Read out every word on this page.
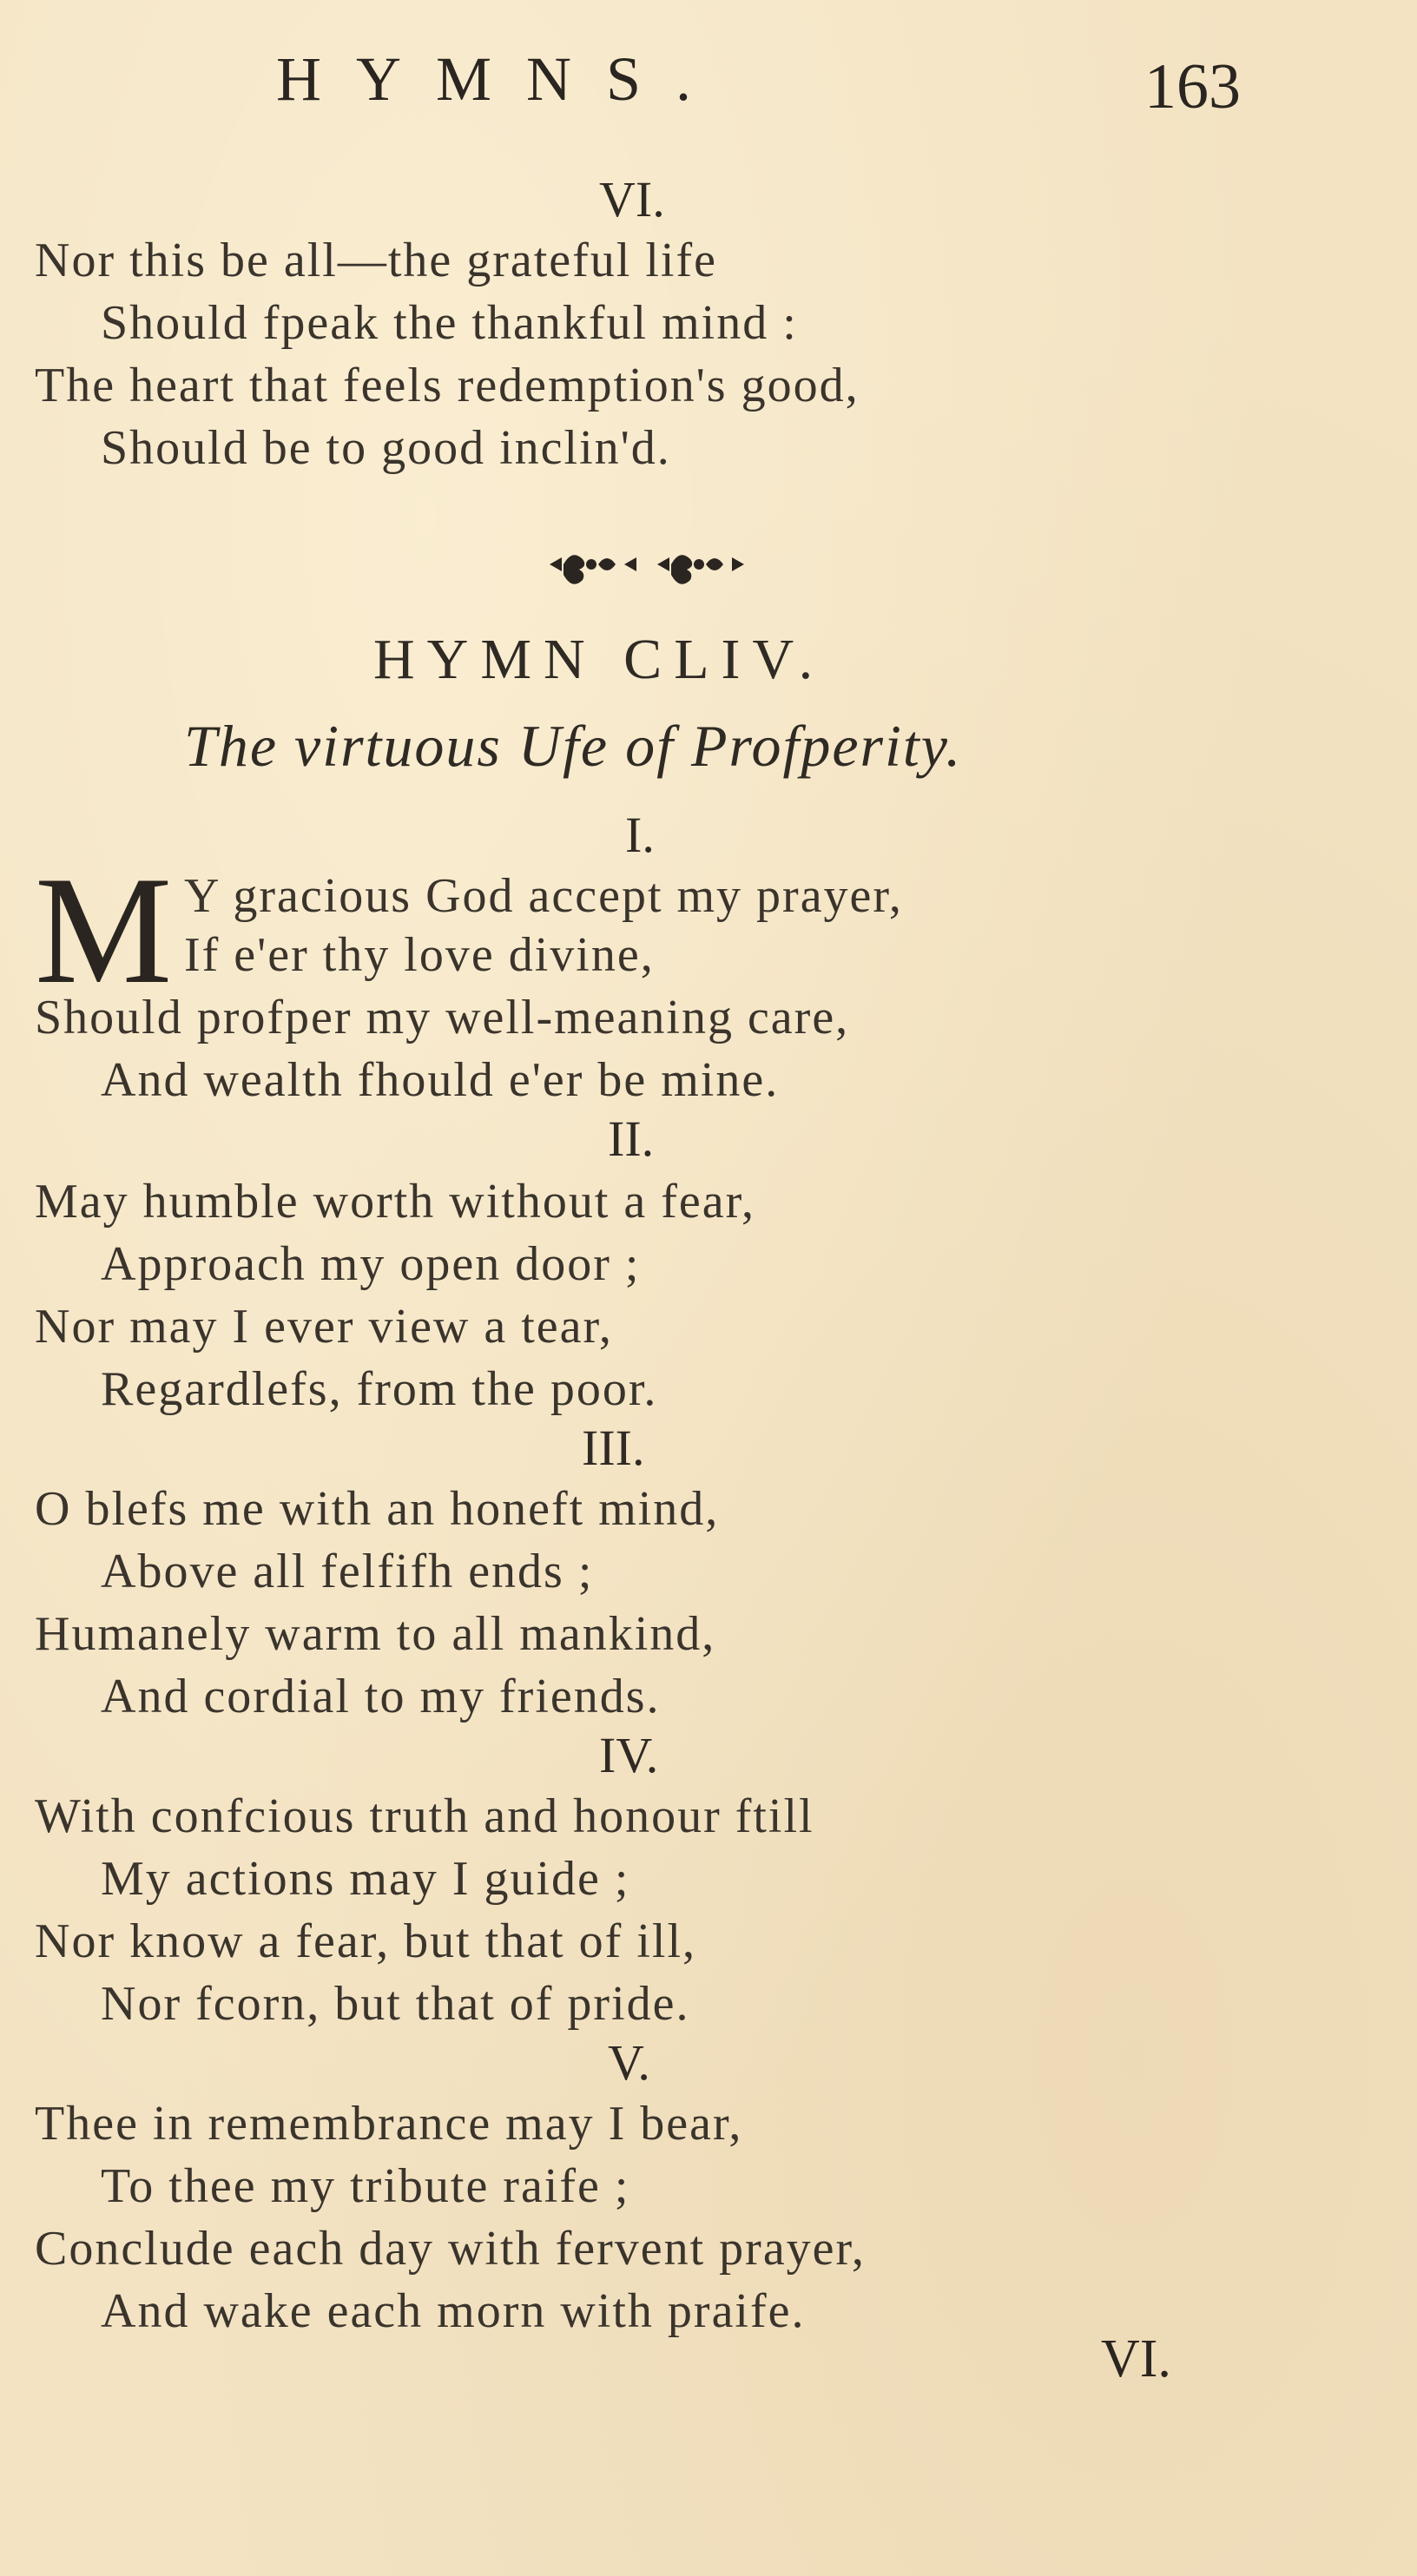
HYMNS.	163
VI.
Nor this be all—the grateful life
Should fpeak the thankful mind :
The heart that feels redemption's good,
Should be to good inclin'd.
HYMN CLIV.
The virtuous Ufe of Profperity.
I.
M Y gracious God accept my prayer,
If e'er thy love divine,
Should profper my well-meaning care,
And wealth fhould e'er be mine.
II.
May humble worth without a fear,
Approach my open door ;
Nor may I ever view a tear,
Regardlefs, from the poor.
III.
O blefs me with an honeft mind,
Above all felfifh ends ;
Humanely warm to all mankind,
And cordial to my friends.
IV.
With confcious truth and honour ftill
My actions may I guide ;
Nor know a fear, but that of ill,
Nor fcorn, but that of pride.
V.
Thee in remembrance may I bear,
To thee my tribute raife ;
Conclude each day with fervent prayer,
And wake each morn with praife.
VI.
